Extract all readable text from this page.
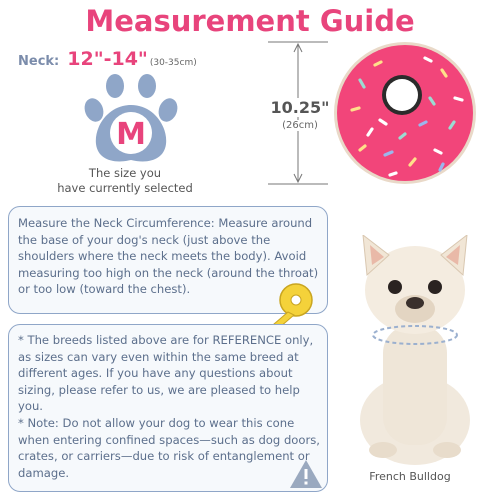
Measurement Guide
Neck: 12"-14" (30-35cm)
M
The size you
have currently selected
10.25"
(26cm)
Measure the Neck Circumference: Measure around the base of your dog's neck (just above the shoulders where the neck meets the body). Avoid measuring too high on the neck (around the throat) or too low (toward the chest).
* The breeds listed above are for REFERENCE only, as sizes can vary even within the same breed at different ages. If you have any questions about sizing, please refer to us, we are pleased to help you.
* Note: Do not allow your dog to wear this cone when entering confined spaces—such as dog doors, crates, or carriers—due to risk of entanglement or damage.	French Bulldog
